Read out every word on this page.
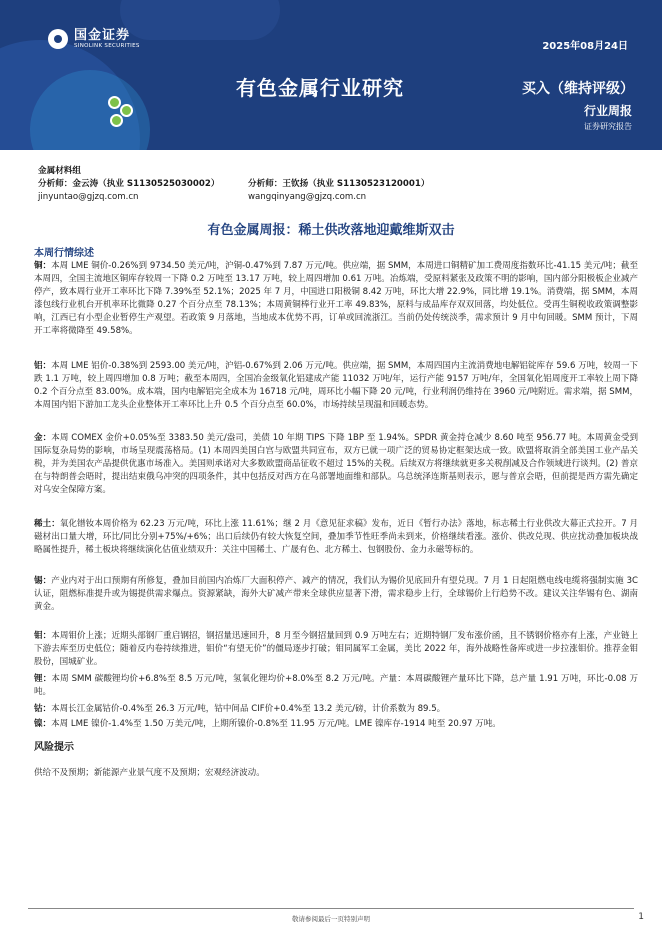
国金证券
SINOLINK SECURITIES	2025年08月24日
有色金属行业研究	买入（维持评级）
行业周报
证券研究报告
金属材料组
分析师：金云涛（执业 S1130525030002）	分析师：王钦扬（执业 S1130523120001）
jinyuntao@gjzq.com.cn	wangqinyang@gjzq.com.cn
有色金属周报：稀土供改落地迎戴维斯双击
本周行情综述
铜：本周 LME 铜价-0.26%到 9734.50 美元/吨，沪铜-0.47%到 7.87 万元/吨。供应端，据 SMM，本周进口铜精矿加工费周度指数环比-41.15 美元/吨；截至本周四，全国主流地区铜库存较周一下降 0.2 万吨至 13.17 万吨，较上周四增加 0.61 万吨。冶炼端，受原料紧张及政策不明的影响，国内部分阳极板企业减产停产，致本周行业开工率环比下降 7.39%至 52.1%；2025 年 7 月，中国进口阳极铜 8.42 万吨，环比大增 22.9%，同比增 19.1%。消费端，据 SMM，本周漆包线行业机台开机率环比微降 0.27 个百分点至 78.13%；本周黄铜棒行业开工率 49.83%，原料与成品库存双双回落，均处低位。受再生铜税收政策调整影响，江西已有小型企业暂停生产观望。若政策 9 月落地，当地成本优势不再，订单或回流浙江。当前仍处传统淡季，需求预计 9 月中旬回暖。SMM 预计，下周开工率将微降至 49.58%。
铝：本周 LME 铝价-0.38%到 2593.00 美元/吨，沪铝-0.67%到 2.06 万元/吨。供应端，据 SMM，本周四国内主流消费地电解铝锭库存 59.6 万吨，较周一下跌 1.1 万吨，较上周四增加 0.8 万吨；截至本周四，全国冶金级氧化铝建成产能 11032 万吨/年，运行产能 9157 万吨/年，全国氧化铝周度开工率较上周下降 0.2 个百分点至 83.00%。成本端，国内电解铝完全成本为 16718 元/吨，周环比小幅下降 20 元/吨，行业利润仍维持在 3960 元/吨附近。需求端，据 SMM，本周国内铝下游加工龙头企业整体开工率环比上升 0.5 个百分点至 60.0%，市场持续呈现温和回暖态势。
金：本周 COMEX 金价+0.05%至 3383.50 美元/盎司，美债 10 年期 TIPS 下降 1BP 至 1.94%。SPDR 黄金持仓减少 8.60 吨至 956.77 吨。本周黄金受到国际复杂局势的影响，市场呈现震荡格局。(1) 本周四美国白宫与欧盟共同宣布，双方已就一项广泛的贸易协定框架达成一致。欧盟将取消全部美国工业产品关税，并为美国农产品提供优惠市场准入。美国则承诺对大多数欧盟商品征收不超过 15%的关税。后续双方将继续就更多关税削减及合作领域进行谈判。(2) 普京在与特朗普会晤时，提出结束俄乌冲突的四项条件，其中包括反对西方在乌部署地面维和部队。乌总统泽连斯基则表示，愿与普京会晤，但前提是西方需先确定对乌安全保障方案。
稀土：氧化镨钕本周价格为 62.23 万元/吨，环比上涨 11.61%；继 2 月《意见征求稿》发布，近日《暂行办法》落地，标志稀土行业供改大幕正式拉开。7 月磁材出口量大增，环比/同比分别+75%/+6%；出口后续仍有较大恢复空间，叠加季节性旺季尚未到来，价格继续看涨。涨价、供改兑现、供应扰动叠加板块战略属性提升，稀土板块将继续演化估值业绩双升：关注中国稀土、广晟有色、北方稀土、包钢股份、金力永磁等标的。
锡：产业内对于出口预期有所修复，叠加目前国内冶炼厂大面积停产、减产的情况，我们认为锡价见底回升有望兑现。7 月 1 日起阻燃电线电缆将强制实施 3C 认证，阻燃标准提升或为锡提供需求爆点。资源紧缺，海外大矿减产带来全球供应显著下滑，需求稳步上行，全球锡价上行趋势不改。建议关注华锡有色、湖南黄金。
钼：本周钼价上涨；近期头部钢厂重启钢招，钢招量迅速回升，8 月至今钢招量回到 0.9 万吨左右；近期特钢厂发布涨价函，且不锈钢价格亦有上涨，产业链上下游去库至历史低位；随着反内卷持续推进，钼价“有望无价”的僵局逐步打破；钼同属军工金属，美比 2022 年，海外战略性备库或进一步拉涨钼价。推荐金钼股份，国城矿业。
锂：本周 SMM 碳酸锂均价+6.8%至 8.5 万元/吨，氢氧化锂均价+8.0%至 8.2 万元/吨。产量：本周碳酸锂产量环比下降，总产量 1.91 万吨，环比-0.08 万吨。
钴：本周长江金属钴价-0.4%至 26.3 万元/吨，钴中间品 CIF价+0.4%至 13.2 美元/磅，计价系数为 89.5。
镍：本周 LME 镍价-1.4%至 1.50 万美元/吨，上期所镍价-0.8%至 11.95 万元/吨。LME 镍库存-1914 吨至 20.97 万吨。
风险提示
供给不及预期；新能源产业景气度不及预期；宏观经济波动。
敬请参阅最后一页特别声明	1
